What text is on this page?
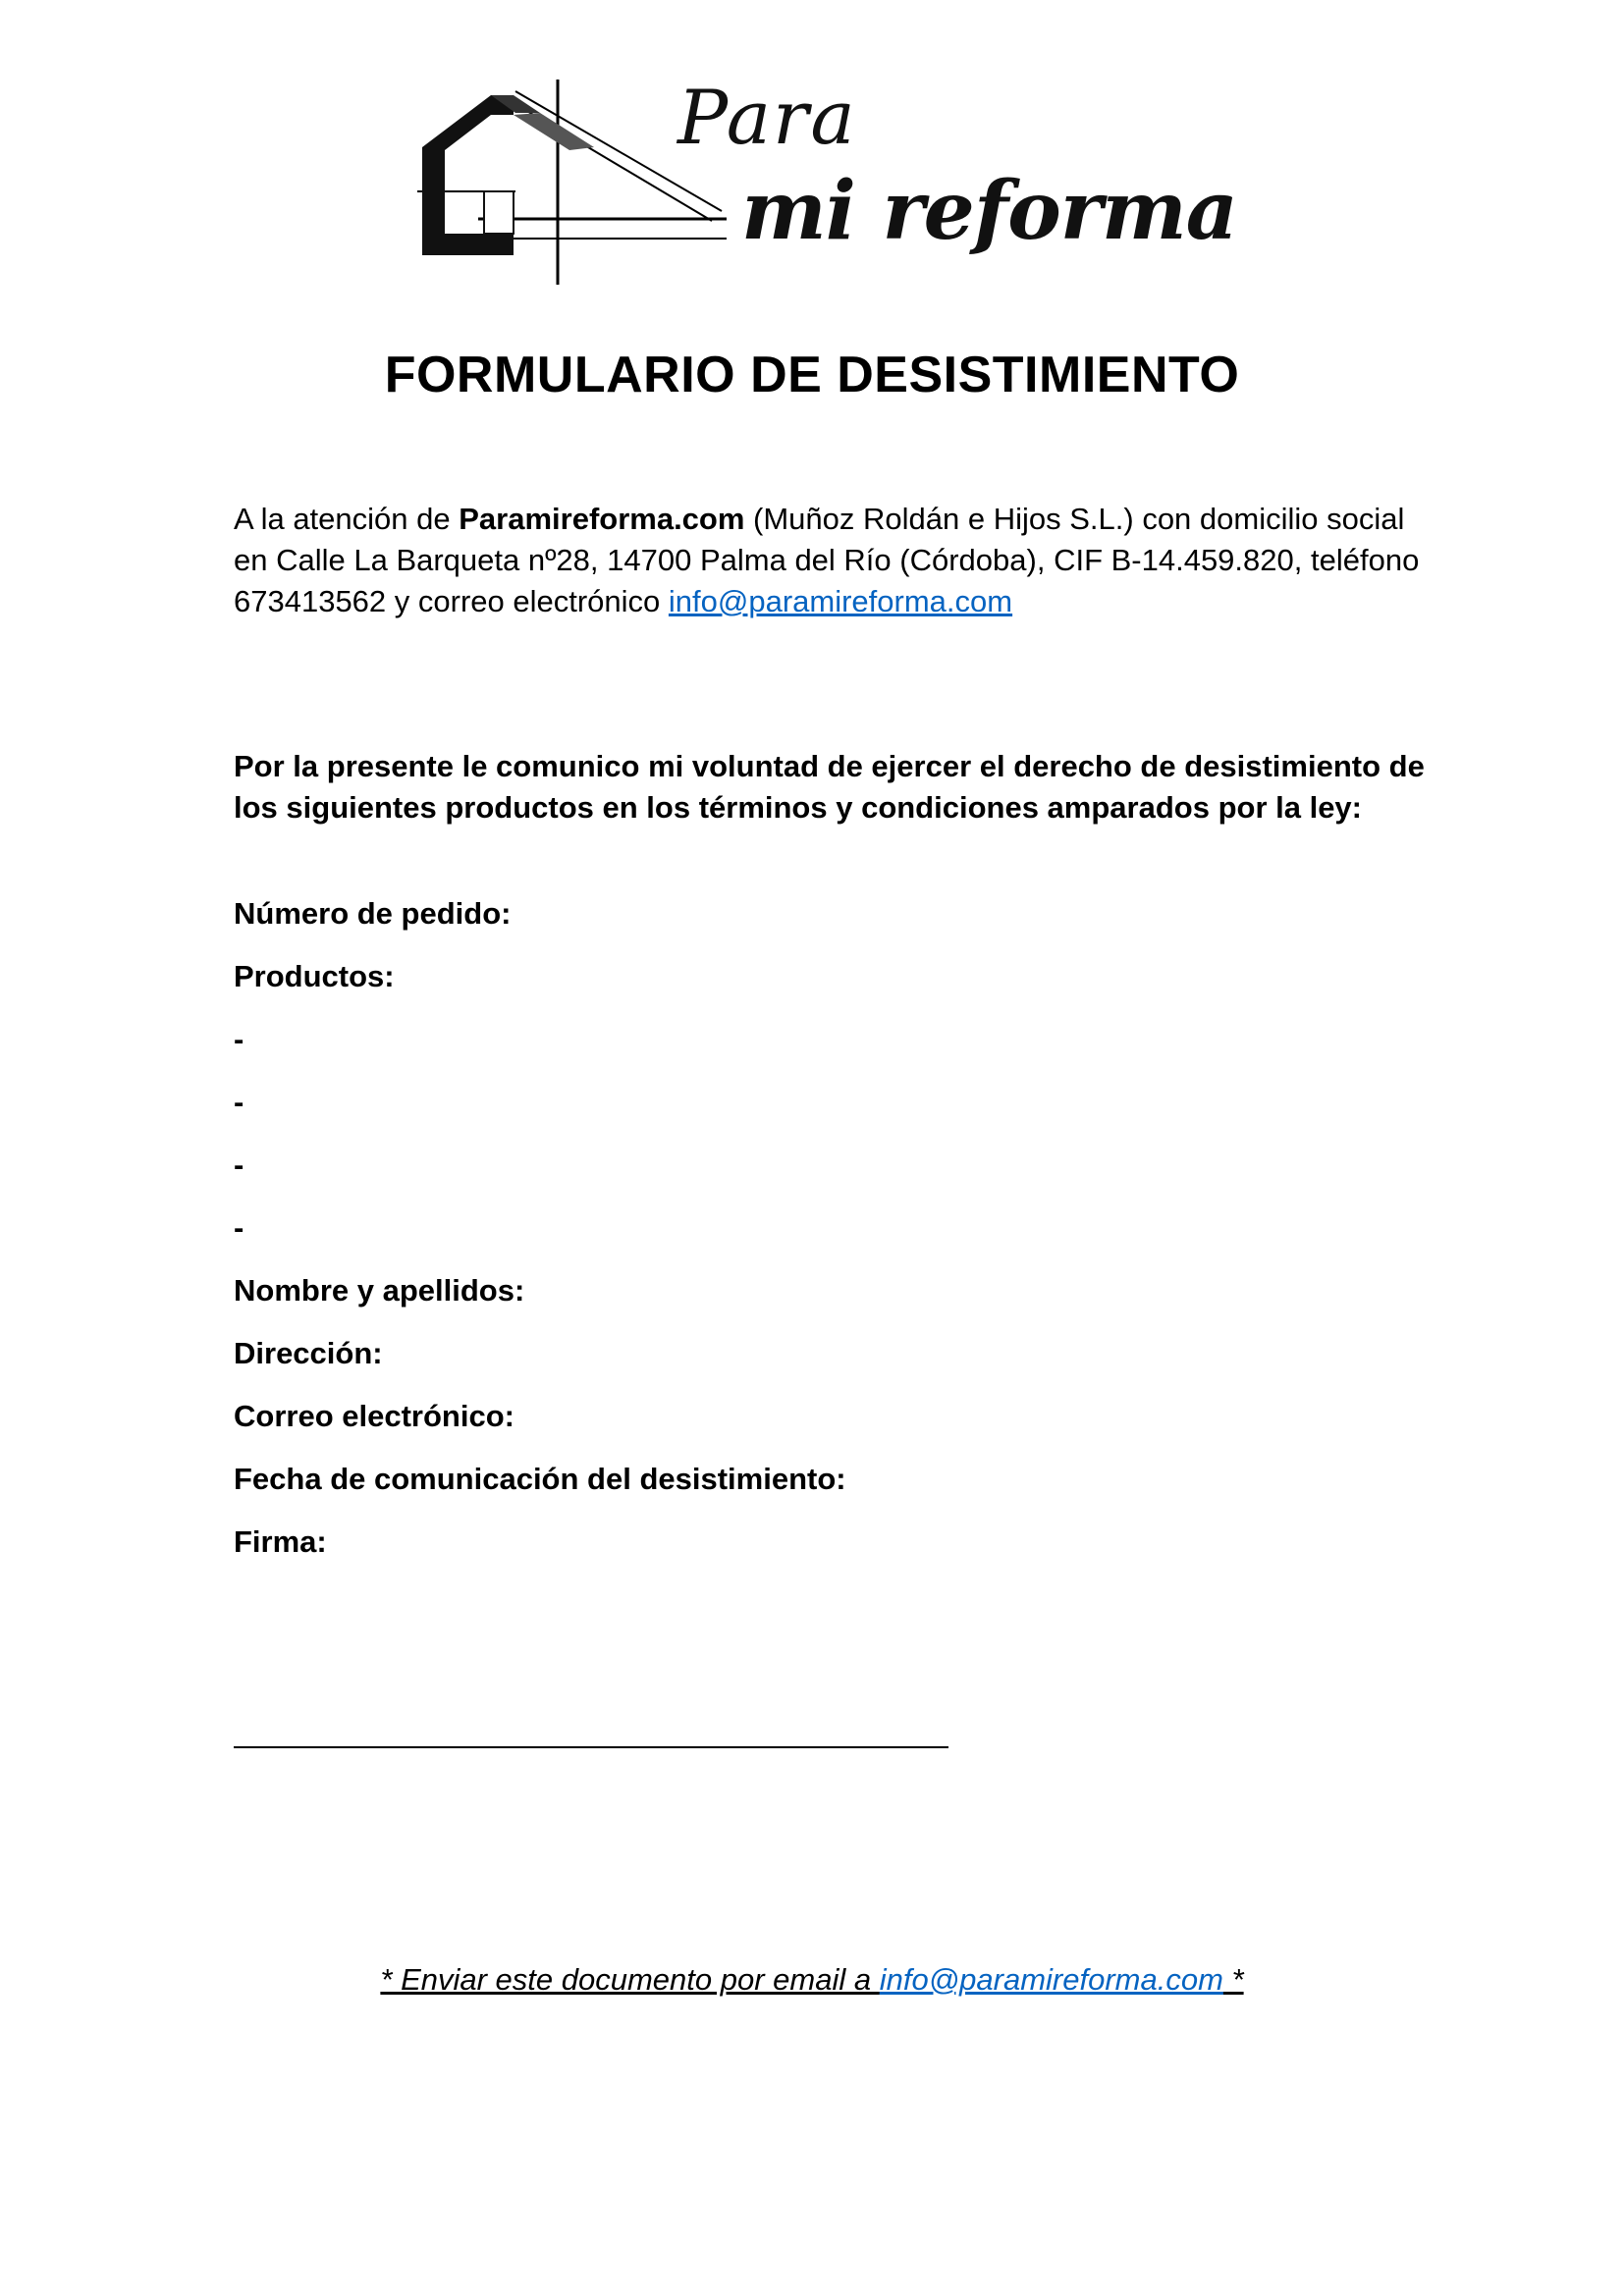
Para
mi reforma
FORMULARIO DE DESISTIMIENTO

A la atención de Paramireforma.com (Muñoz Roldán e Hijos S.L.) con domicilio social en Calle La Barqueta nº28, 14700 Palma del Río (Córdoba), CIF B-14.459.820, teléfono 673413562 y correo electrónico info@paramireforma.com

Por la presente le comunico mi voluntad de ejercer el derecho de desistimiento de los siguientes productos en los términos y condiciones amparados por la ley:

Número de pedido:

Productos:

-

-

-

-

Nombre y apellidos:

Dirección:

Correo electrónico:

Fecha de comunicación del desistimiento:

Firma:

* Enviar este documento por email a info@paramireforma.com *
